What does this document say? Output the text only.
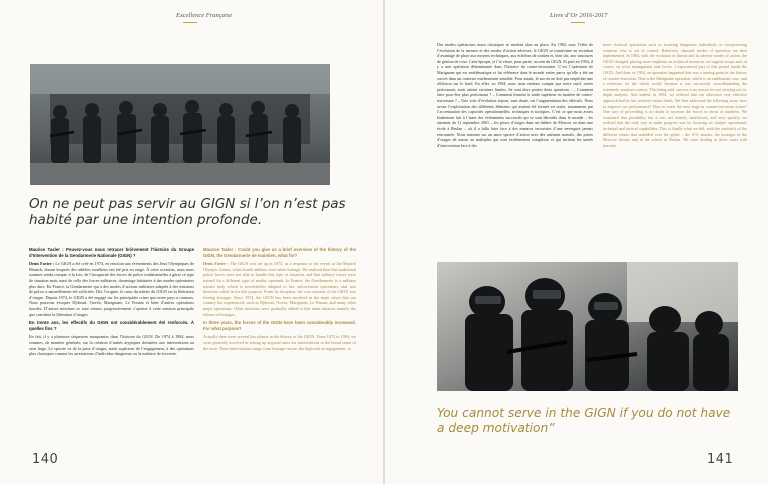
Excellence Française
On ne peut pas servir au GIGN si l’on n’est pas habité par une intention profonde.

Maurice Tasler : Pouvez-vous nous retracer brièvement l’histoire du Groupe d’Intervention de la Gendarmerie Nationale (GIGN) ?

Denis Favier : Le GIGN a été créé en 1974, en réaction aux événements des Jeux Olympiques de Munich, durant lesquels des athlètes israéliens ont été pris en otage. À cette occasion, nous nous sommes rendu compte, à la fois, de l’incapacité des forces de police traditionnelles à gérer ce type de situation mais aussi de celle des forces militaires, davantage habituées à des modes opératoires plus durs. En France, la Gendarmerie qui a des modes d’actions militaires adaptés à des missions de police a naturellement été sollicitée. Dès l’origine, le cœur du métier du GIGN est la libération d’otages. Depuis 1974, le GIGN a été engagé sur les principales crises que notre pays a connues. Nous pouvons évoquer Djibouti, Ouvéa, Marignane, Le Ponant et bien d’autres opérations lourdes. D’autres missions se sont venues progressivement s’ajouter à cette mission principale que constitue la libération d’otages.

En trente ans, les effectifs du GIGN ont considérablement été renforcés. À quelles fins ?

En fait, il y a plusieurs séquences marquantes dans l’histoire du GIGN. De 1974 à 1984, nous sommes, de manière générale, sur la création d’unités atypiques destinées aux interventions au sens large. Le spectre va de la prise d’otages, stade supérieur de l’engagement, à des opérations plus classiques comme les arrestations d’individus dangereux ou la maîtrise de forcenés.

Maurice Tasler : Could you give us a brief overview of the history of the GIGN, the Gendarmerie de maintien, what for?

Denis Favier : The GIGN was set up in 1974, as a response to the events at the Munich Olympic Games, when Israeli athletes were taken hostage. We realised then that traditional police forces were not able to handle this type of situation, and that military forces were trained for a different type of modus operandi. In France, the Gendarmerie is a military trained body which is nevertheless adapted to law enforcement operations, and was therefore called in for this purpose. From its inception, the core mission of the GIGN was freeing hostages. Since 1974, the GIGN has been involved in the main crises that our country has experienced, such as Djibouti, Ouvéa, Marignane, Le Ponant, and many other major operations. Other missions were gradually added to this main mission, namely the release of hostages.

In three years, the forces of the GIGN have been considerably increased. For what purpose?

Actually there were several key phases in the history of the GIGN. From 1974 to 1984, we were generally involved in setting up atypical units for interventions in the broad sense of the term. These interventions range from hostage rescue, the high end of engagement, to

140
Livre d’Or 2016-2017
Des modes opératoires assez classiques se mettent alors en place. En 1984, sous l’effet de l’évolution de la menace et des modes d’action adverses, le GIGN se transforme en escadron d’avantage de place aux moyens techniques, aux échelons de soutien et, bien sûr, aux structures de gestion de crise. Cette époque, je l’ai vécue, pour partie, au sein du GIGN. Et puis en 1994, il y a une opération déterminante dans l’histoire du contre-terrorisme. C’est l’opération de Marignane qui est emblématique et fut référence dans le monde entier parce qu’elle a été un succès dans un contexte extrêmement sensible. Pour autant, le succès ne doit pas empêcher une réflexion sur le fond. En effet, en 1994, nous nous rendons compte que notre outil, certes performant, avait atteint certaines limites. Se sont alors posées deux questions : – Comment faire pour être plus performant ? – Comment franchir le stade supérieur en matière de contre-terrorisme ? – Une voie d’évolution repose, sans doute, sur l’augmentation des effectifs. Nous avons l’exploitation des différents éléments qui avaient été formés en sortie, notamment par l’accentuation des capacités opérationnelles, techniques et tactiques. C’est ce que nous avons finalement fait à l’aune des événements successifs qui se sont déroulés dans le monde – les attentats du 11 septembre 2001 – les prises d’otages dans un théâtre de Moscou ou dans une école à Beslan – où il a fallu faire face à des menaces terroristes d’une envergure jamais rencontrée. Nous sommes sur un autre spectre d’action avec des attentats massifs, des prises d’otages de masse ou multiples qui sont extrêmement complexes et qui incitent les unités d’intervention face à des
more classical operations such as arresting dangerous individuals or overpowering someone who is out of control. Relatively classical modes of operation are then implemented. In 1984, with the evolution in threats and in adverse modes of action, the GIGN changed, placing more emphasis on technical resources, on support troops and, of course, on crisis management task forces. I experienced part of that period inside the GIGN. And then, in 1994, an operation happened that was a turning point in the history of counter-terrorism. That is the Marignane operation, which is an emblematic case, and a reference for the whole world, because it was successful, notwithstanding the extremely sensitive context. This being said, success is no reason for not carrying out in-depth analyses. And indeed, in 1994, we realised that our otherwise very effective approach had in fact reached certain limits. We then addressed the following issue: how to improve our performance? How to reach the next stage in counter-terrorism action? One way of proceeding is no doubt to increase the forces in terms of numbers. We examined that possibility, but it was not entirely satisfactory, and very quickly, we realised that the only way to make progress was by focusing on sharper operational, technical and tactical capabilities. This is finally what we did, with the yardstick of the different events that unfolded over the globe – the 9/11 attacks, the hostages in the Moscow theatre and in the school in Beslan. We were dealing in these cases with terrorist
You cannot serve in the GIGN if you do not have a deep motivation”
141
